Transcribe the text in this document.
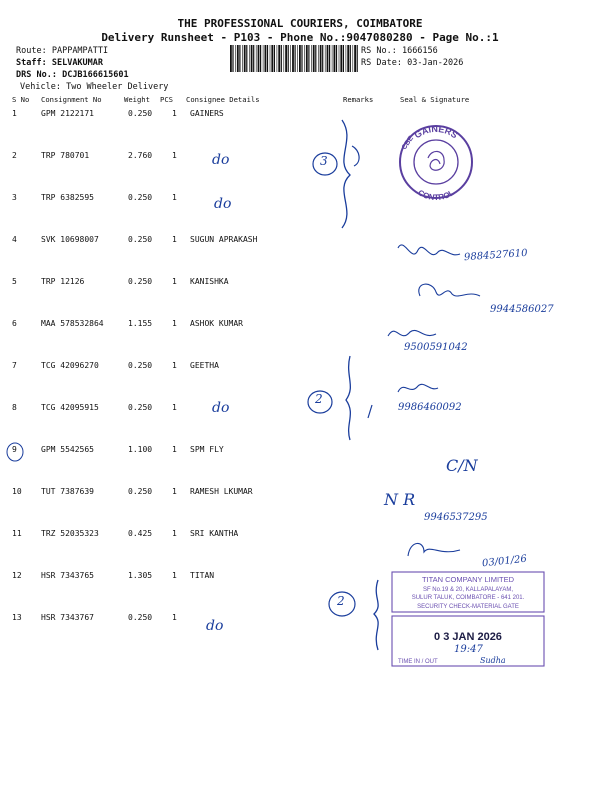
THE PROFESSIONAL COURIERS, COIMBATORE
Delivery Runsheet - P103 - Phone No.:9047080280 - Page No.:1
Route: PAPPAMPATTI
Staff: SELVAKUMAR
DRS No.: DCJB166615601
Vehicle: Two Wheeler Delivery
RS No.: 1666156
RS Date: 03-Jan-2026
S No Consignment No	Weight PCS Consignee Details	Remarks	Seal & Signature
1	GPM 2122171	0.250 1 GAINERS
2	TRP 780701	2.760 1
3	TRP 6382595	0.250 1
4	SVK 10698007	0.250 1 SUGUN APRAKASH
5	TRP 12126	0.250 1 KANISHKA
6	MAA 578532864	1.155 1 ASHOK KUMAR
7	TCG 42096270	0.250 1 GEETHA
8	TCG 42095915	0.250 1
9	GPM 5542565	1.100 1 SPM FLY
10 TUT 7387639	0.250 1 RAMESH LKUMAR
11 TRZ 52035323	0.425 1 SRI KANTHA
12 HSR 7343765	1.305 1 TITAN
13 HSR 7343767	0.250 1
GAINERS
CONTROL
CBE
TITAN COMPANY LIMITED
SF No.19 & 20, KALLAPALAYAM,
SULUR TALUK, COIMBATORE - 641 201.
SECURITY CHECK-MATERIAL GATE
0 3 JAN 2026
TIME IN / OUT
do
do
do
do
3
2
2
9884527610
9944586027
9500591042
9986460092
C/N
N R
9946537295
03/01/26
19:47
Sudha
